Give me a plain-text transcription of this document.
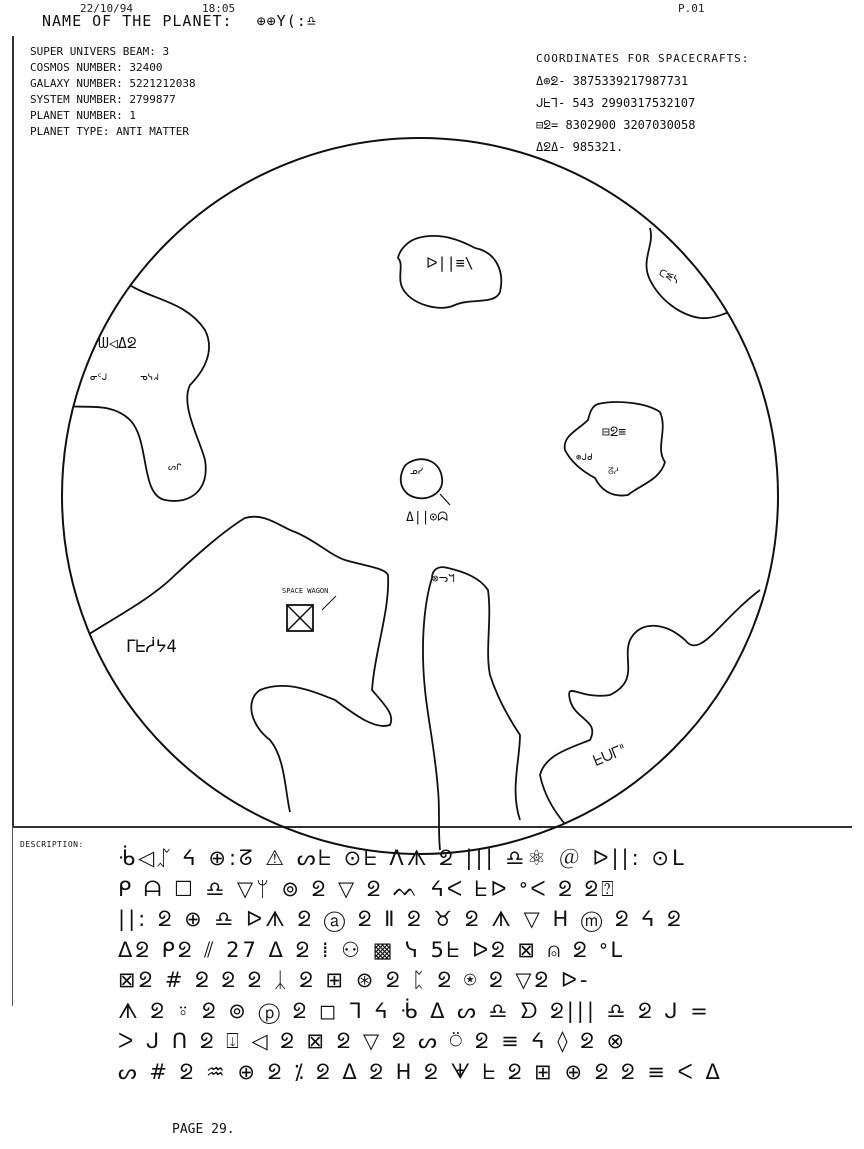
22/10/94	18:05	P.01
NAME OF THE PLANET: ⊕⊕Y(:♎
SUPER UNIVERS BEAM: 3
COSMOS NUMBER: 32400
GALAXY NUMBER: 5221212038
SYSTEM NUMBER: 2799877
PLANET NUMBER: 1
PLANET TYPE: ANTI MATTER
COORDINATES FOR SPACECRAFTS:
Δ⊕ᘖ- 3875339217987731
ᒍᖶᒣ- 543 2990317532107
⊟ᘖ= 8302900 3207030058
ΔᘖΔ- 985321.
SPACE WAGON
ᗯ◁Δᘖ
ᐅ||≡\
ᑕᓬᓴ
⊟ᘖ≡
ᒥᖶᓲᔭ4
ᖶᑌᒥᐦ
Δ||⊙ᗣ
ᓂᑦᒍ	ᓀᓭᖽ
ᔕᒋ	ᓄᓯ	ᘔᓱ
⊛ᒍᑯ
⊗ᓓᖻ
DESCRIPTION:
ᒀ◁ᛢ ᔦ ⊕:ᘔ ⚠ ᔕᖶ ⊙ᖶ ᐱᗑ ᘖ ||| ♎⚛ ＠ ᐅ||: ⊙ᒪ
ᑭ ᗩ ☐ ♎ ▽ᛘ ⊚ ᘖ ▽ ᘖ ᨓ ᔦᐸ ᖶᐅ ᐤᐸ ᘖ ᘖ⍰
||: ᘖ ⊕ ♎ ᐅᗑ ᘖ ⓐ ᘖ Ⅱ ᘖ ♉ ᘖ ᗑ ▽ ᕼ ⓜ ᘖ ᔦ ᘖ
Δᘖ ᑭᘖ ⫽ 27 Δ ᘖ ⁞ ⚇ ▩ ᓭ 5ᖶ ᐅᘖ ⊠ ⍝ ᘖ ᐤᒪ
⊠ᘖ # ᘖ ᘖ ᘖ ᛣ ᘖ ⊞ ⊛ ᘖ ᛈ ᘖ ⍟ ᘖ ▽ᘖ ᐅ-
ᗑ ᘖ ⍤ ᘖ ⊚ ⓟ ᘖ ◻ ᒣ ᔦ ᒀ Δ ᔕ ♎ ᗤ ᘖ||| ♎ ᘖ ᒍ =
ᐳ ᒍ ᑎ ᘖ ⍗ ◁ ᘖ ⊠ ᘖ ▽ ᘖ ᔕ ⍥ ᘖ ≡ ᔦ ◊ ᘖ ⊗
ᔕ # ᘖ ♒ ⊕ ᘖ ⁒ ᘖ Δ ᘖ ᕼ ᘖ ᗖ ᖶ ᘖ ⊞ ⊕ ᘖ ᘖ ≡ ᐸ Δ
PAGE 29.
